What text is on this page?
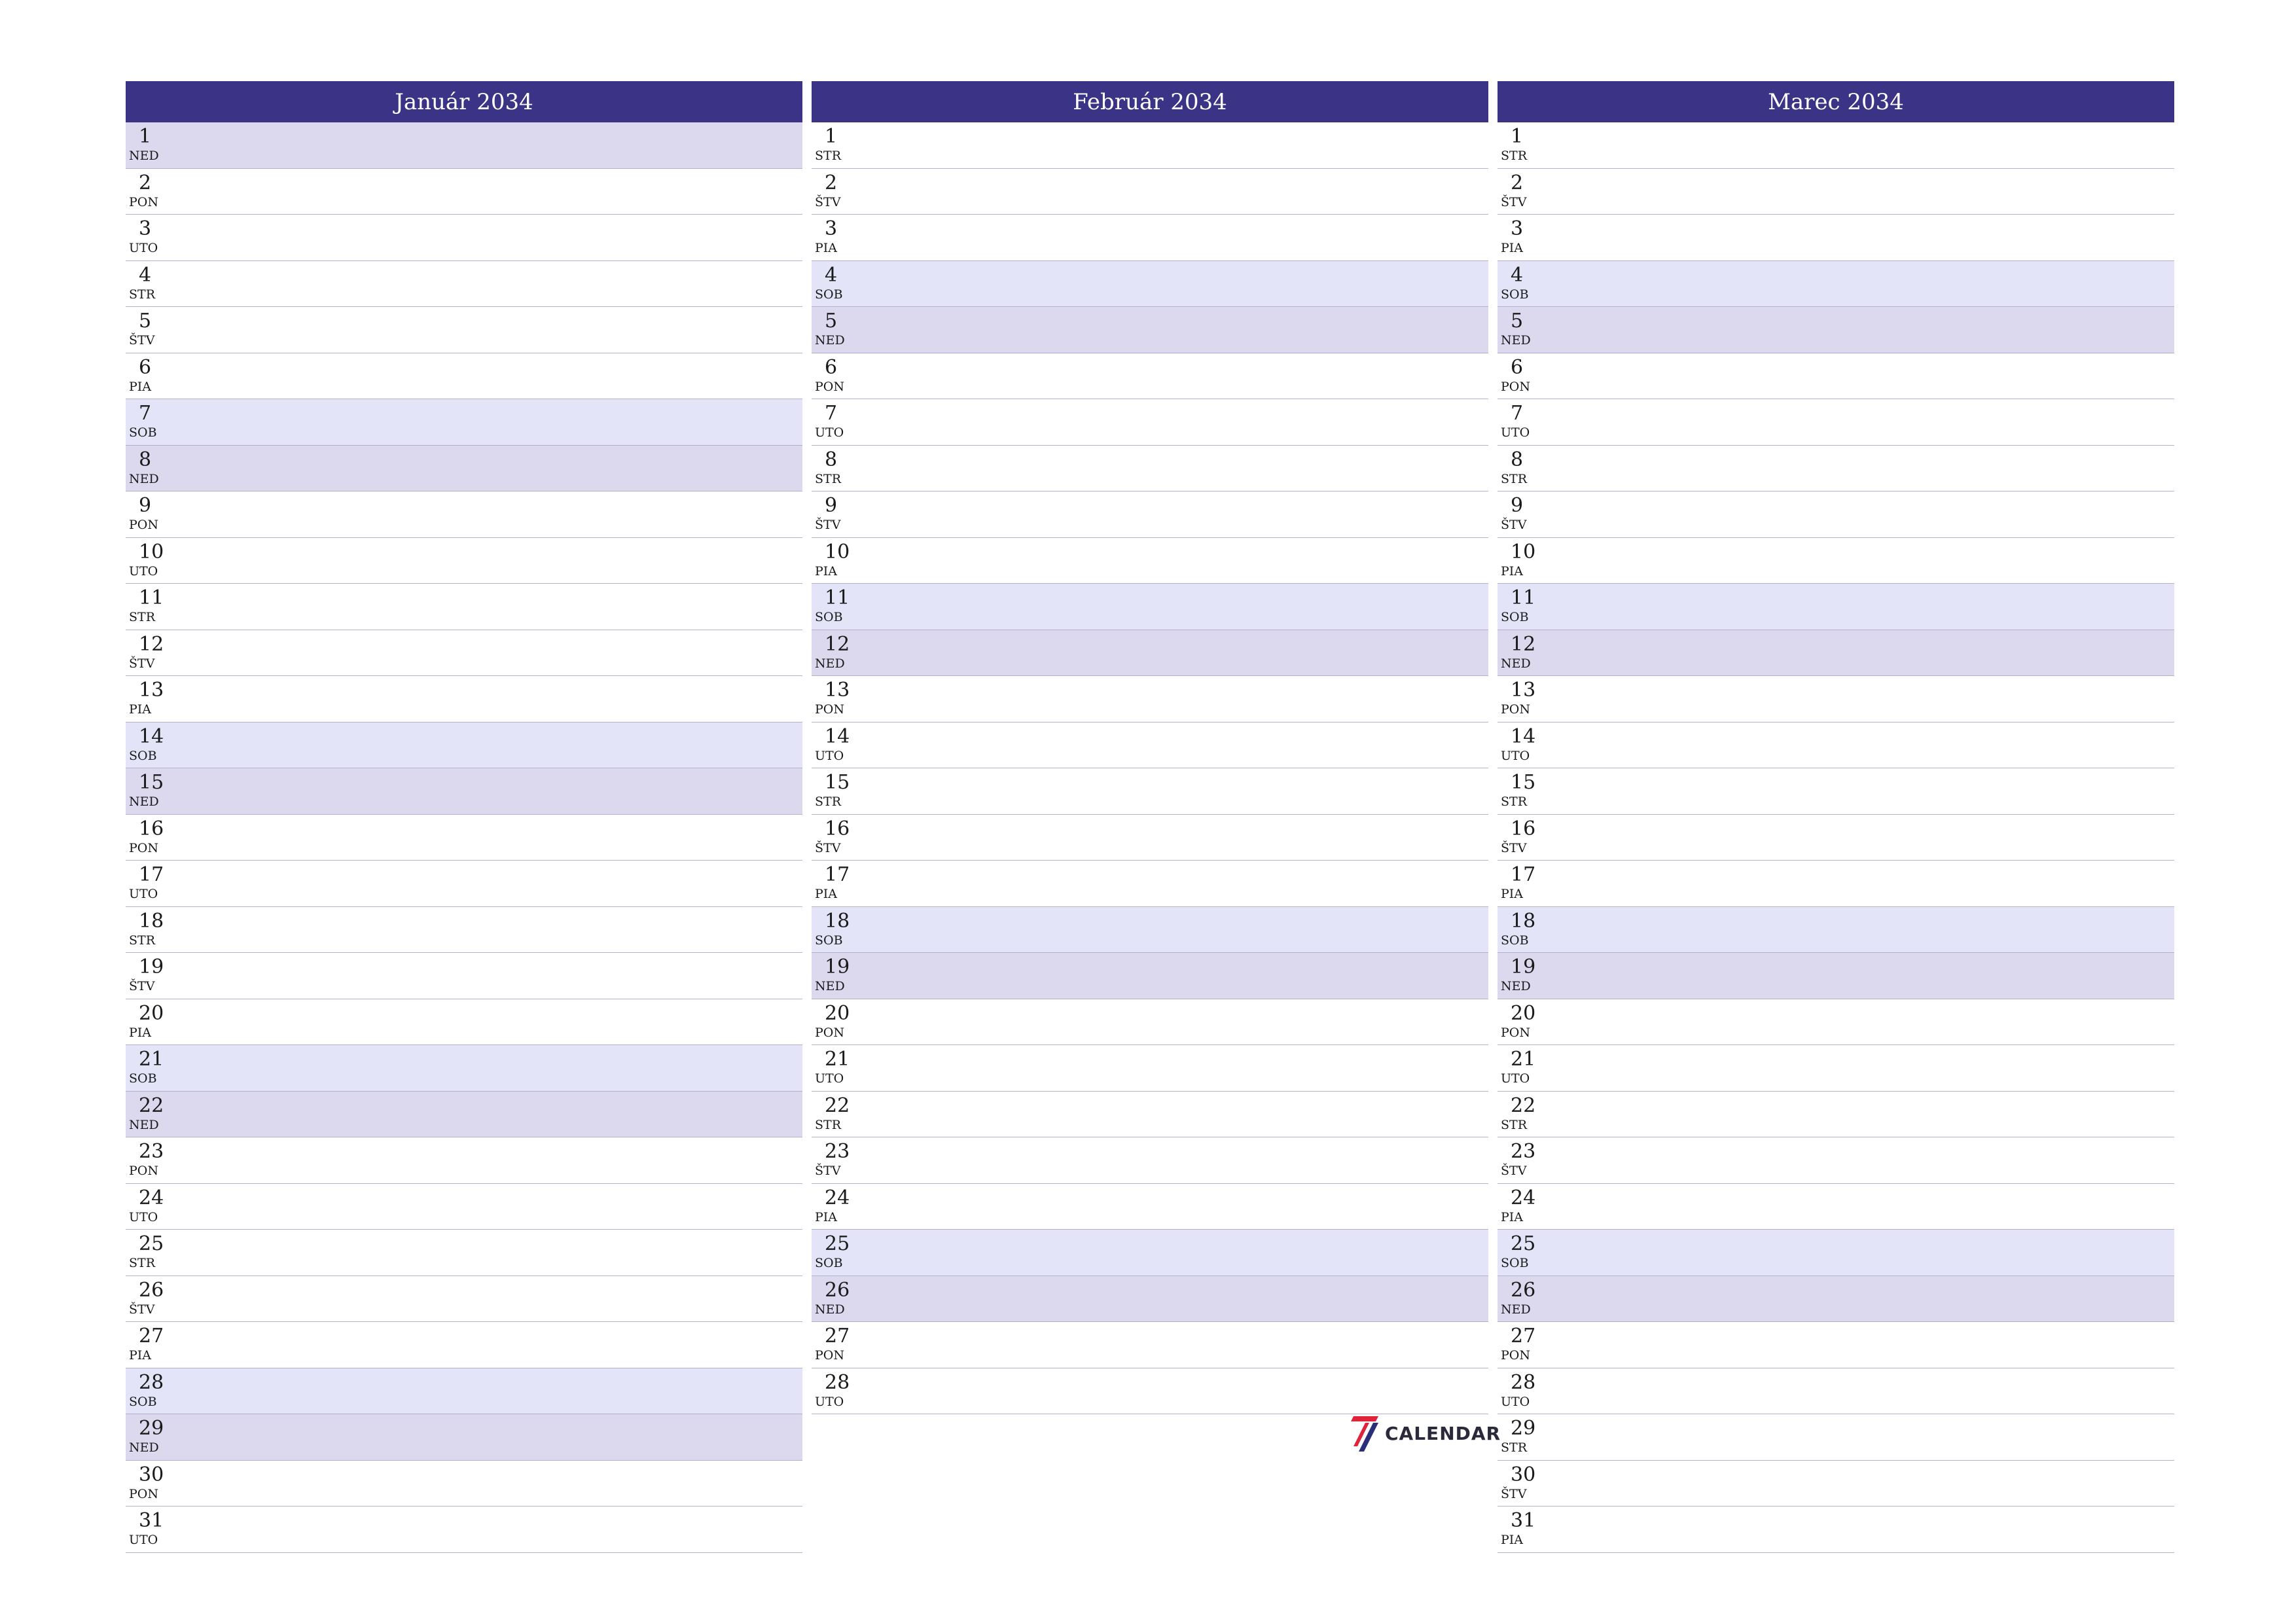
Január 2034
1
NED
2
PON
3
UTO
4
STR
5
ŠTV
6
PIA
7
SOB
8
NED
9
PON
10
UTO
11
STR
12
ŠTV
13
PIA
14
SOB
15
NED
16
PON
17
UTO
18
STR
19
ŠTV
20
PIA
21
SOB
22
NED
23
PON
24
UTO
25
STR
26
ŠTV
27
PIA
28
SOB
29
NED
30
PON
31
UTO
Február 2034
1
STR
2
ŠTV
3
PIA
4
SOB
5
NED
6
PON
7
UTO
8
STR
9
ŠTV
10
PIA
11
SOB
12
NED
13
PON
14
UTO
15
STR
16
ŠTV
17
PIA
18
SOB
19
NED
20
PON
21
UTO
22
STR
23
ŠTV
24
PIA
25
SOB
26
NED
27
PON
28
UTO
Marec 2034
1
STR
2
ŠTV
3
PIA
4
SOB
5
NED
6
PON
7
UTO
8
STR
9
ŠTV
10
PIA
11
SOB
12
NED
13
PON
14
UTO
15
STR
16
ŠTV
17
PIA
18
SOB
19
NED
20
PON
21
UTO
22
STR
23
ŠTV
24
PIA
25
SOB
26
NED
27
PON
28
UTO
29
STR
30
ŠTV
31
PIA
CALENDAR
